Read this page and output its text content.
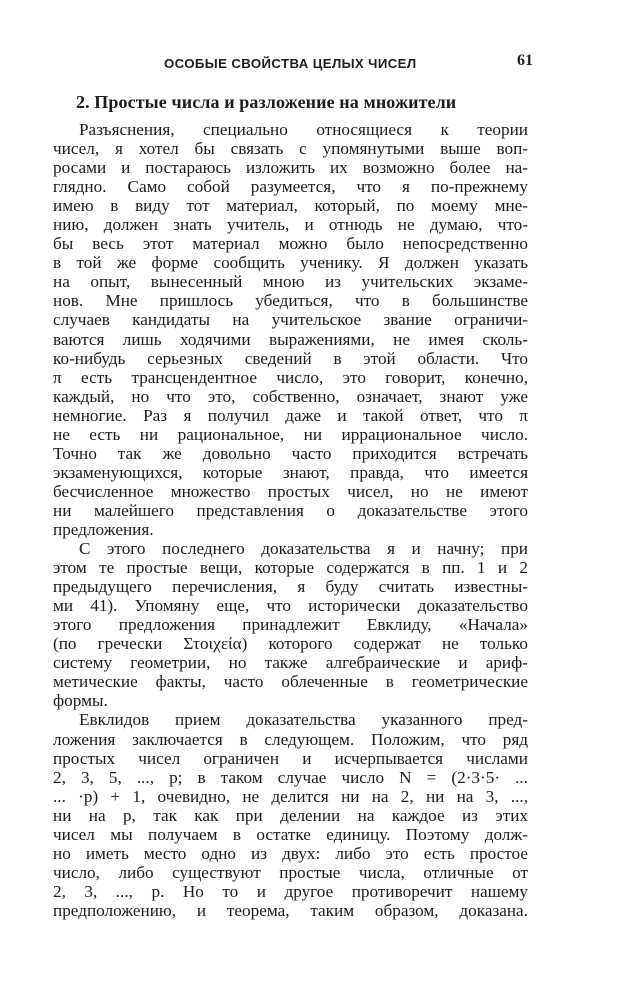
ОСОБЫЕ СВОЙСТВА ЦЕЛЫХ ЧИСЕЛ	61
2. Простые числа и разложение на множители
Разъяснения, специально относящиеся к теории
чисел, я хотел бы связать с упомянутыми выше воп-
росами и постараюсь изложить их возможно более на-
глядно. Само собой разумеется, что я по-прежнему
имею в виду тот материал, который, по моему мне-
нию, должен знать учитель, и отнюдь не думаю, что-
бы весь этот материал можно было непосредственно
в той же форме сообщить ученику. Я должен указать
на опыт, вынесенный мною из учительских экзаме-
нов. Мне пришлось убедиться, что в большинстве
случаев кандидаты на учительское звание ограничи-
ваются лишь ходячими выражениями, не имея сколь-
ко-нибудь серьезных сведений в этой области. Что
π есть трансцендентное число, это говорит, конечно,
каждый, но что это, собственно, означает, знают уже
немногие. Раз я получил даже и такой ответ, что π
не есть ни рациональное, ни иррациональное число.
Точно так же довольно часто приходится встречать
экзаменующихся, которые знают, правда, что имеется
бесчисленное множество простых чисел, но не имеют
ни малейшего представления о доказательстве этого
предложения.
С этого последнего доказательства я и начну; при
этом те простые вещи, которые содержатся в пп. 1 и 2
предыдущего перечисления, я буду считать известны-
ми 41). Упомяну еще, что исторически доказательство
этого предложения принадлежит Евклиду, «Начала»
(по гречески Στοιχεία) которого содержат не только
систему геометрии, но также алгебраические и ариф-
метические факты, часто облеченные в геометрические
формы.
Евклидов прием доказательства указанного пред-
ложения заключается в следующем. Положим, что ряд
простых чисел ограничен и исчерпывается числами
2, 3, 5, ..., p; в таком случае число N = (2·3·5· ...
... ·p) + 1, очевидно, не делится ни на 2, ни на 3, ...,
ни на p, так как при делении на каждое из этих
чисел мы получаем в остатке единицу. Поэтому долж-
но иметь место одно из двух: либо это есть простое
число, либо существуют простые числа, отличные от
2, 3, ..., p. Но то и другое противоречит нашему
предположению, и теорема, таким образом, доказана.
